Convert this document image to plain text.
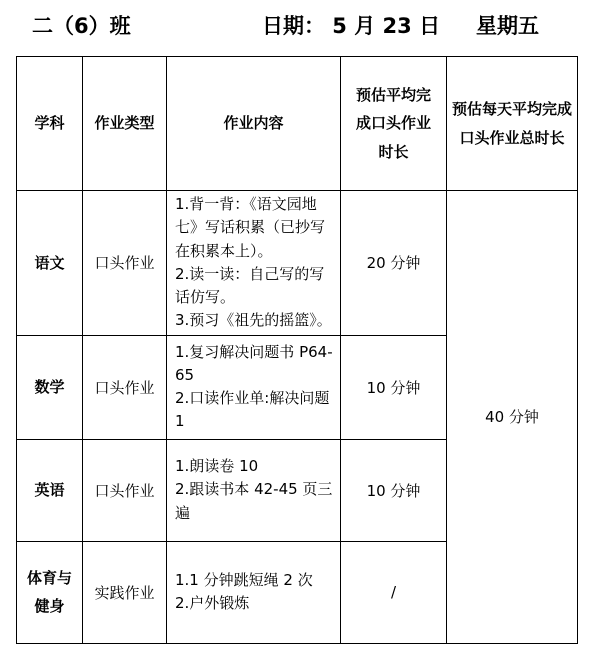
二（6）班	日期： 5 月 23 日 星期五
学科	作业类型	作业内容	预估平均完成口头作业时长	预估每天平均完成口头作业总时长
语文	口头作业	1.背一背：《语文园地七》写话积累（已抄写在积累本上）。
2.读一读：自己写的写话仿写。
3.预习《祖先的摇篮》。	20 分钟	40 分钟
数学	口头作业	1.复习解决问题书 P64-65
2.口读作业单:解决问题 1	10 分钟	
英语	口头作业	1.朗读卷 10
2.跟读书本 42-45 页三遍	10 分钟	
体育与健身	实践作业	1.1 分钟跳短绳 2 次
2.户外锻炼	/	
